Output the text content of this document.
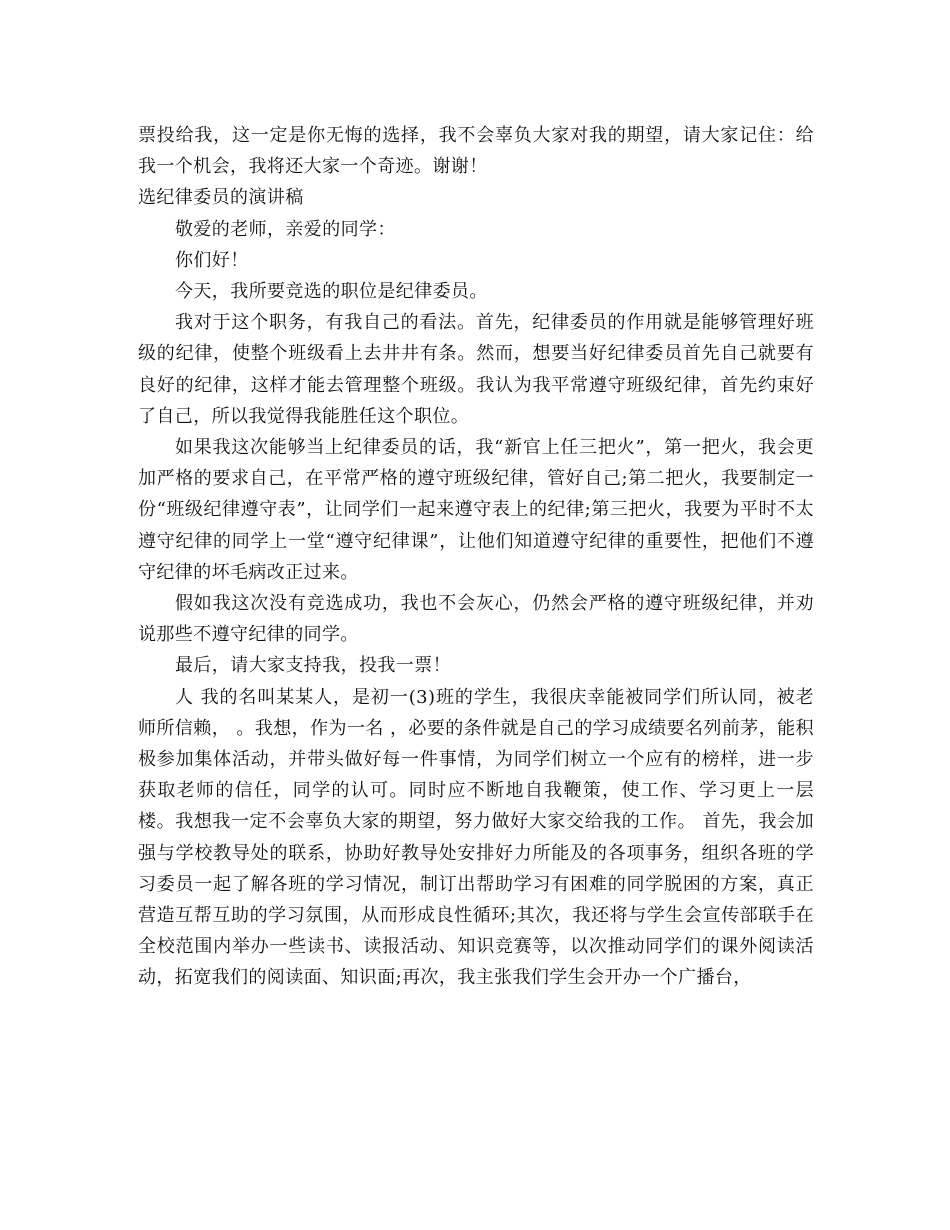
票投给我，这一定是你无悔的选择，我不会辜负大家对我的期望，请大家记住：给我一个机会，我将还大家一个奇迹。谢谢！

选纪律委员的演讲稿

敬爱的老师，亲爱的同学：

你们好！

今天，我所要竞选的职位是纪律委员。

我对于这个职务，有我自己的看法。首先，纪律委员的作用就是能够管理好班级的纪律，使整个班级看上去井井有条。然而，想要当好纪律委员首先自己就要有良好的纪律，这样才能去管理整个班级。我认为我平常遵守班级纪律，首先约束好了自己，所以我觉得我能胜任这个职位。

如果我这次能够当上纪律委员的话，我“新官上任三把火”，第一把火，我会更加严格的要求自己，在平常严格的遵守班级纪律，管好自己;第二把火，我要制定一份“班级纪律遵守表”，让同学们一起来遵守表上的纪律;第三把火，我要为平时不太遵守纪律的同学上一堂“遵守纪律课”，让他们知道遵守纪律的重要性，把他们不遵守纪律的坏毛病改正过来。

假如我这次没有竞选成功，我也不会灰心，仍然会严格的遵守班级纪律，并劝说那些不遵守纪律的同学。

最后，请大家支持我，投我一票！

人 我的名叫某某人，是初一(3)班的学生，我很庆幸能被同学们所认同，被老师所信赖， 。我想，作为一名 ，必要的条件就是自己的学习成绩要名列前茅，能积极参加集体活动，并带头做好每一件事情，为同学们树立一个应有的榜样，进一步获取老师的信任，同学的认可。同时应不断地自我鞭策，使工作、学习更上一层楼。我想我一定不会辜负大家的期望，努力做好大家交给我的工作。 首先，我会加强与学校教导处的联系，协助好教导处安排好力所能及的各项事务，组织各班的学习委员一起了解各班的学习情况，制订出帮助学习有困难的同学脱困的方案，真正营造互帮互助的学习氛围，从而形成良性循环;其次，我还将与学生会宣传部联手在全校范围内举办一些读书、读报活动、知识竞赛等，以次推动同学们的课外阅读活动，拓宽我们的阅读面、知识面;再次，我主张我们学生会开办一个广播台，
